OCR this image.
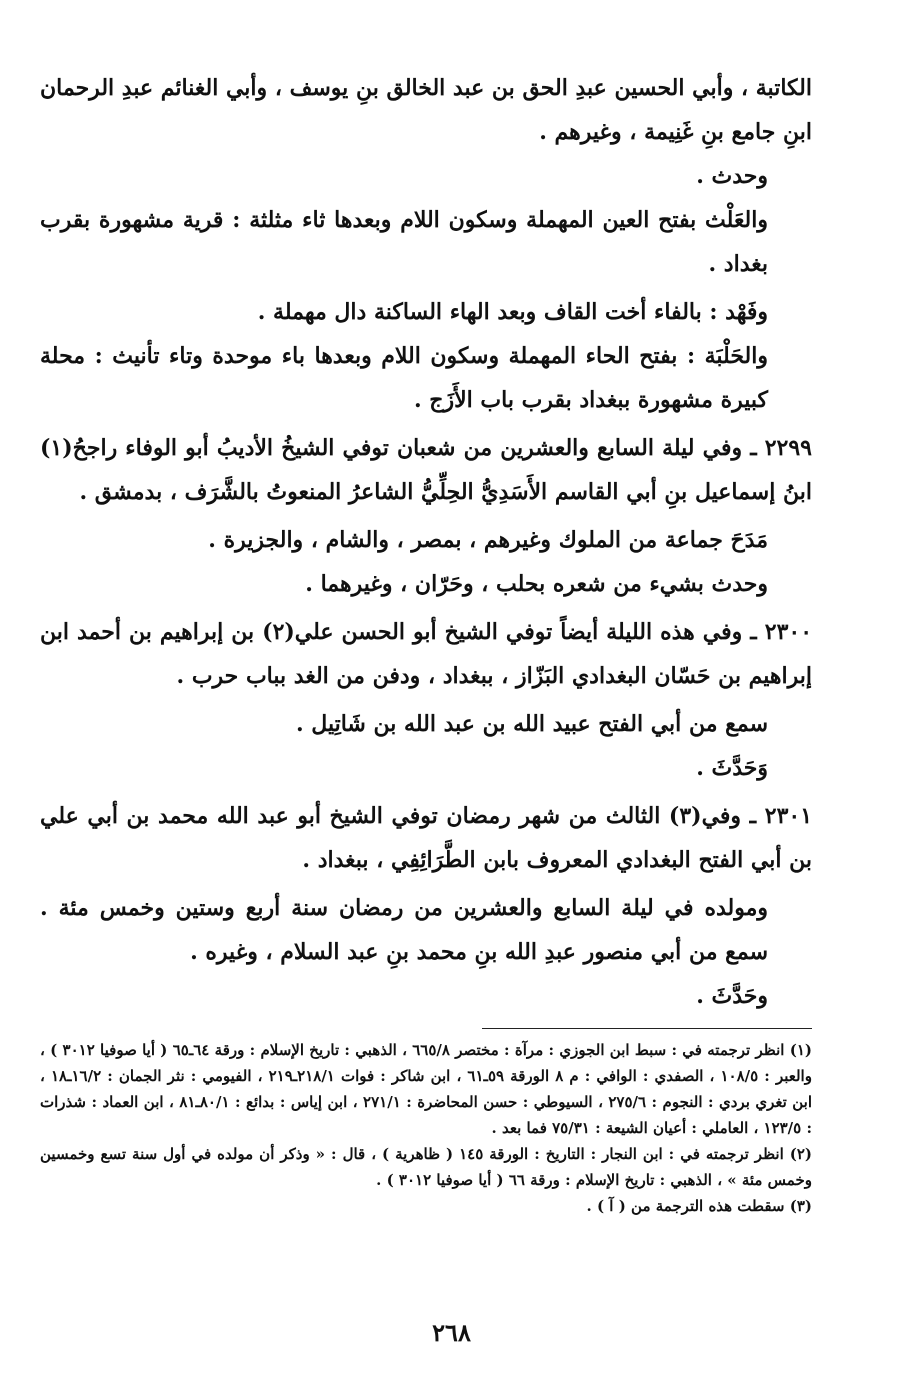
الكاتبة ، وأبي الحسين عبدِ الحق بن عبد الخالق بنِ يوسف ، وأبي الغنائم عبدِ الرحمان ابنِ جامع بنِ غَنِيمة ، وغيرهم .

وحدث .

والعَلْث بفتح العين المهملة وسكون اللام وبعدها ثاء مثلثة : قرية مشهورة بقرب بغداد .

وفَهْد : بالفاء أخت القاف وبعد الهاء الساكنة دال مهملة .

والحَلْبَة : بفتح الحاء المهملة وسكون اللام وبعدها باء موحدة وتاء تأنيث : محلة كبيرة مشهورة ببغداد بقرب باب الأَزَج .

٢٢٩٩ ـ وفي ليلة السابع والعشرين من شعبان توفي الشيخُ الأديبُ أبو الوفاء راجحُ(١) ابنُ إسماعيل بنِ أبي القاسم الأَسَدِيُّ الحِلِّيُّ الشاعرُ المنعوتُ بالشَّرَف ، بدمشق .

مَدَحَ جماعة من الملوك وغيرهم ، بمصر ، والشام ، والجزيرة .

وحدث بشيء من شعره بحلب ، وحَرّان ، وغيرهما .

٢٣٠٠ ـ وفي هذه الليلة أيضاً توفي الشيخ أبو الحسن علي(٢) بن إبراهيم بن أحمد ابن إبراهيم بن حَسّان البغدادي البَزّاز ، ببغداد ، ودفن من الغد بباب حرب .

سمع من أبي الفتح عبيد الله بن عبد الله بن شَاتِيل .

وَحَدَّثَ .

٢٣٠١ ـ وفي(٣) الثالث من شهر رمضان توفي الشيخ أبو عبد الله محمد بن أبي علي بن أبي الفتح البغدادي المعروف بابن الطَّرَائِفِي ، ببغداد .

ومولده في ليلة السابع والعشرين من رمضان سنة أربع وستين وخمس مئة . سمع من أبي منصور عبدِ الله بنِ محمد بنِ عبد السلام ، وغيره .

وحَدَّثَ .

(١) انظر ترجمته في : سبط ابن الجوزي : مرآة : مختصر ٦٦٥/٨ ، الذهبي : تاريخ الإسلام : ورقة ٦٤ـ٦٥ ( أيا صوفيا ٣٠١٢ ) ، والعبر : ١٠٨/٥ ، الصفدي : الوافي : م ٨ الورقة ٥٩ـ٦١ ، ابن شاكر : فوات ٢١٨/١ـ٢١٩ ، الفيومي : نثر الجمان : ١٦/٢ـ١٨ ، ابن تغري بردي : النجوم : ٢٧٥/٦ ، السيوطي : حسن المحاضرة : ٢٧١/١ ، ابن إياس : بدائع : ٨٠/١ـ٨١ ، ابن العماد : شذرات : ١٢٣/٥ ، العاملي : أعيان الشيعة : ٧٥/٣١ فما بعد .

(٢) انظر ترجمته في : ابن النجار : التاريخ : الورقة ١٤٥ ( ظاهرية ) ، قال : « وذكر أن مولده في أول سنة تسع وخمسين وخمس مئة » ، الذهبي : تاريخ الإسلام : ورقة ٦٦ ( أيا صوفيا ٣٠١٢ ) .

(٣) سقطت هذه الترجمة من ( آ ) .

٢٦٨
